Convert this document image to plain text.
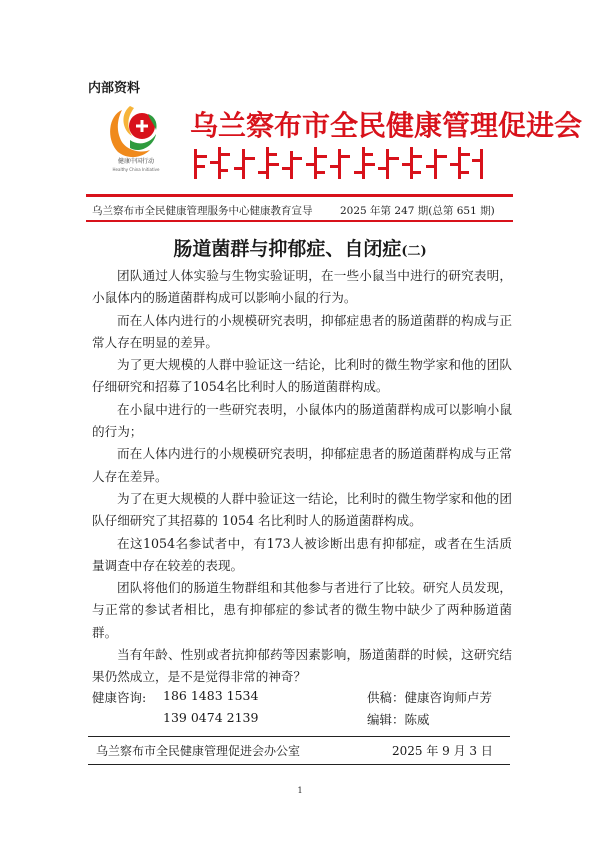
内部资料
健康中国行动
Healthy China Initiative
乌兰察布市全民健康管理促进会
乌兰察布市全民健康管理服务中心健康教育宣导	2025 年第 247 期(总第 651 期)
肠道菌群与抑郁症、自闭症(二)

团队通过人体实验与生物实验证明，在一些小鼠当中进行的研究表明，小鼠体内的肠道菌群构成可以影响小鼠的行为。

而在人体内进行的小规模研究表明，抑郁症患者的肠道菌群的构成与正常人存在明显的差异。

为了更大规模的人群中验证这一结论，比利时的微生物学家和他的团队仔细研究和招募了1054名比利时人的肠道菌群构成。

在小鼠中进行的一些研究表明，小鼠体内的肠道菌群构成可以影响小鼠的行为；

而在人体内进行的小规模研究表明，抑郁症患者的肠道菌群构成与正常人存在差异。

为了在更大规模的人群中验证这一结论，比利时的微生物学家和他的团队仔细研究了其招募的 1054 名比利时人的肠道菌群构成。

在这1054名参试者中，有173人被诊断出患有抑郁症，或者在生活质量调查中存在较差的表现。

团队将他们的肠道生物群组和其他参与者进行了比较。研究人员发现，与正常的参试者相比，患有抑郁症的参试者的微生物中缺少了两种肠道菌群。

当有年龄、性别或者抗抑郁药等因素影响，肠道菌群的时候，这研究结果仍然成立，是不是觉得非常的神奇？

健康咨询: 186 1483 1534
139 0474 2139
供稿：健康咨询师卢芳
编辑：陈威
乌兰察布市全民健康管理促进会办公室	2025 年 9 月 3 日
1
